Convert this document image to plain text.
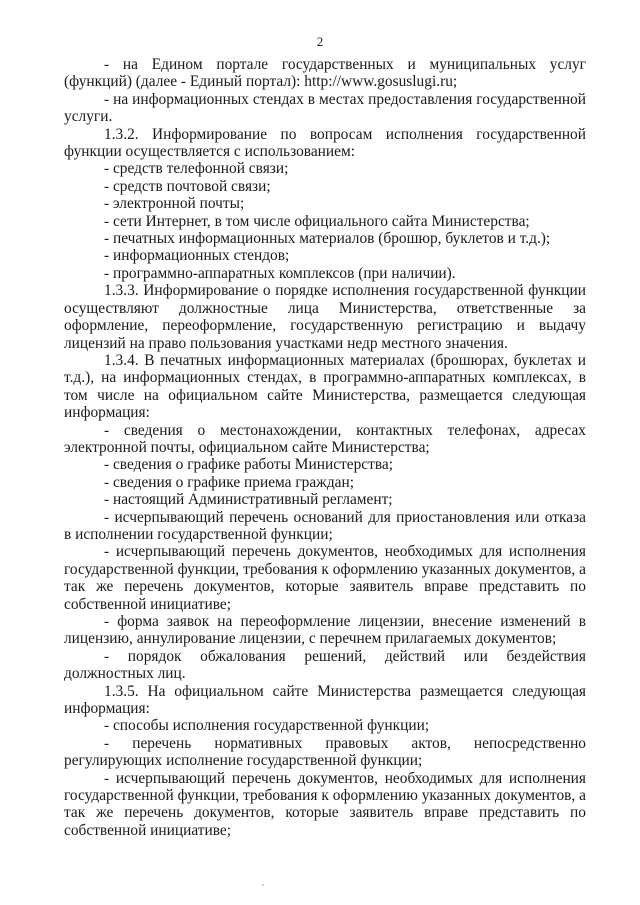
2

- на Едином портале государственных и муниципальных услуг (функций) (далее - Единый портал): http://www.gosuslugi.ru;

- на информационных стендах в местах предоставления государственной услуги.

1.3.2. Информирование по вопросам исполнения государственной функции осуществляется с использованием:

- средств телефонной связи;

- средств почтовой связи;

- электронной почты;

- сети Интернет, в том числе официального сайта Министерства;

- печатных информационных материалов (брошюр, буклетов и т.д.);

- информационных стендов;

- программно-аппаратных комплексов (при наличии).

1.3.3. Информирование о порядке исполнения государственной функции осуществляют должностные лица Министерства, ответственные за оформление, переоформление, государственную регистрацию и выдачу лицензий на право пользования участками недр местного значения.

1.3.4. В печатных информационных материалах (брошюрах, буклетах и т.д.), на информационных стендах, в программно-аппаратных комплексах, в том числе на официальном сайте Министерства, размещается следующая информация:

- сведения о местонахождении, контактных телефонах, адресах электронной почты, официальном сайте Министерства;

- сведения о графике работы Министерства;

- сведения о графике приема граждан;

- настоящий Административный регламент;

- исчерпывающий перечень оснований для приостановления или отказа в исполнении государственной функции;

- исчерпывающий перечень документов, необходимых для исполнения государственной функции, требования к оформлению указанных документов, а так же перечень документов, которые заявитель вправе представить по собственной инициативе;

- форма заявок на переоформление лицензии, внесение изменений в лицензию, аннулирование лицензии, с перечнем прилагаемых документов;

- порядок обжалования решений, действий или бездействия должностных лиц.

1.3.5. На официальном сайте Министерства размещается следующая информация:

- способы исполнения государственной функции;

- перечень нормативных правовых актов, непосредственно регулирующих исполнение государственной функции;

- исчерпывающий перечень документов, необходимых для исполнения государственной функции, требования к оформлению указанных документов, а так же перечень документов, которые заявитель вправе представить по собственной инициативе;
